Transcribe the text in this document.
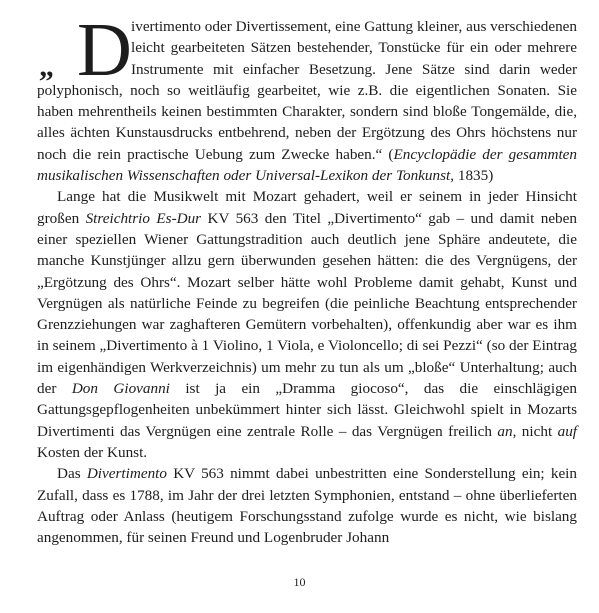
„ D ivertimento oder Divertissement, eine Gattung kleiner, aus verschiedenen leicht gearbeiteten Sätzen bestehender, Tonstücke für ein oder mehrere Instrumente mit einfacher Besetzung. Jene Sätze sind darin weder polyphonisch, noch so weitläufig gearbeitet, wie z.B. die eigentlichen Sonaten. Sie haben mehrentheils keinen bestimmten Charakter, sondern sind bloße Tongemälde, die, alles ächten Kunstausdrucks entbehrend, neben der Ergötzung des Ohrs höchstens nur noch die rein practische Uebung zum Zwecke haben.“ (Encyclopädie der gesammten musikalischen Wissenschaften oder Universal-Lexikon der Tonkunst, 1835)

Lange hat die Musikwelt mit Mozart gehadert, weil er seinem in jeder Hinsicht großen Streichtrio Es-Dur KV 563 den Titel „Divertimento“ gab – und damit neben einer speziellen Wiener Gattungstradition auch deutlich jene Sphäre andeutete, die manche Kunstjünger allzu gern überwunden gesehen hätten: die des Vergnügens, der „Ergötzung des Ohrs“. Mozart selber hätte wohl Probleme damit gehabt, Kunst und Vergnügen als natürliche Feinde zu begreifen (die peinliche Beachtung entsprechender Grenzziehungen war zaghafteren Gemütern vorbehalten), offenkundig aber war es ihm in seinem „Divertimento à 1 Violino, 1 Viola, e Violoncello; di sei Pezzi“ (so der Eintrag im eigenhändigen Werkverzeichnis) um mehr zu tun als um „bloße“ Unterhaltung; auch der Don Giovanni ist ja ein „Dramma giocoso“, das die einschlägigen Gattungsgepflogenheiten unbekümmert hinter sich lässt. Gleichwohl spielt in Mozarts Divertimenti das Vergnügen eine zentrale Rolle – das Vergnügen freilich an, nicht auf Kosten der Kunst.

Das Divertimento KV 563 nimmt dabei unbestritten eine Sonderstellung ein; kein Zufall, dass es 1788, im Jahr der drei letzten Symphonien, entstand – ohne überlieferten Auftrag oder Anlass (heutigem Forschungsstand zufolge wurde es nicht, wie bislang angenommen, für seinen Freund und Logenbruder Johann

10
